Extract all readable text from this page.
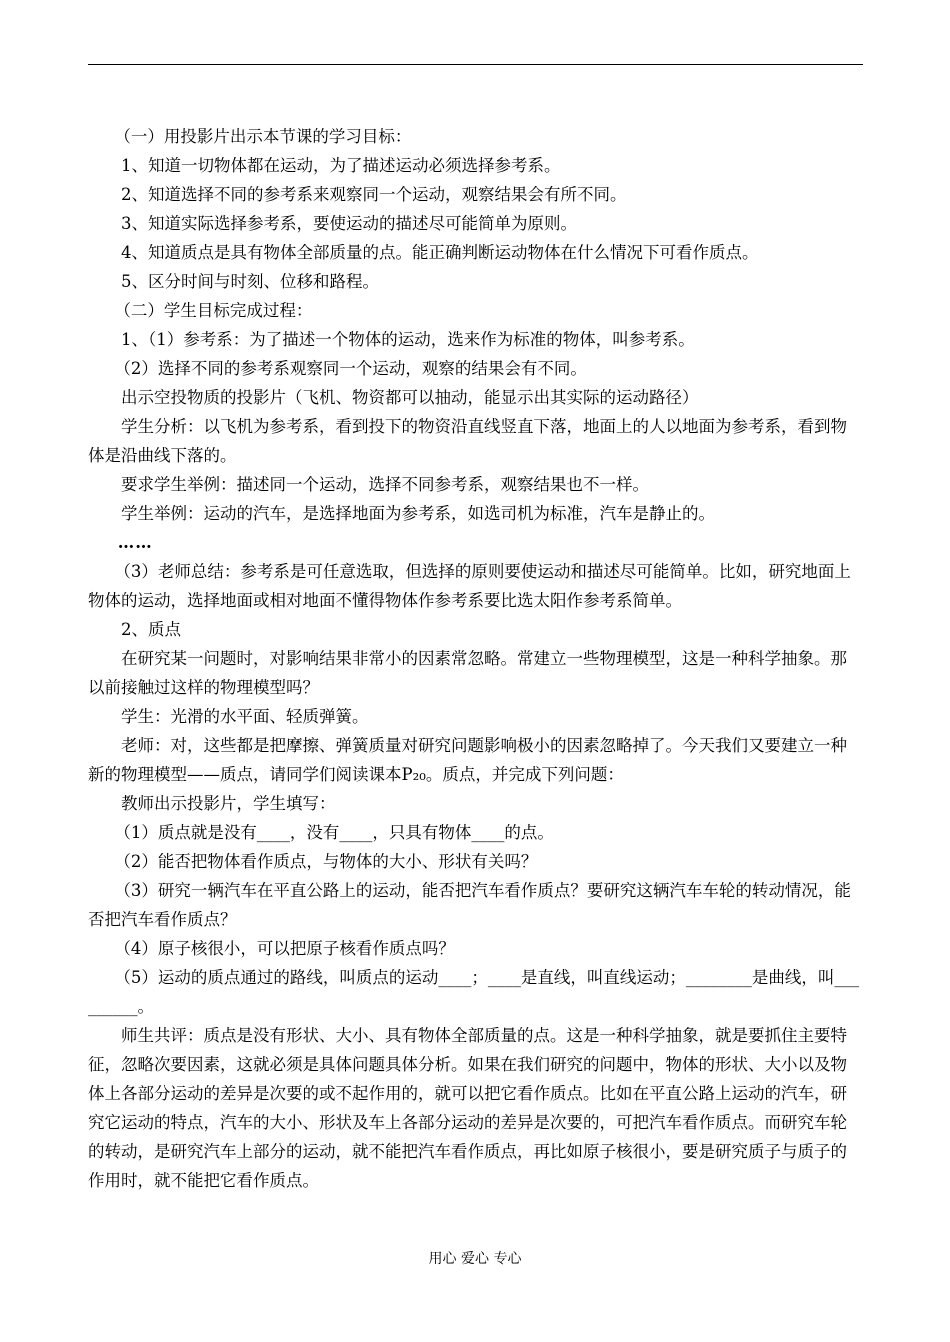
（一）用投影片出示本节课的学习目标：

1、知道一切物体都在运动，为了描述运动必须选择参考系。

2、知道选择不同的参考系来观察同一个运动，观察结果会有所不同。

3、知道实际选择参考系，要使运动的描述尽可能简单为原则。

4、知道质点是具有物体全部质量的点。能正确判断运动物体在什么情况下可看作质点。

5、区分时间与时刻、位移和路程。

（二）学生目标完成过程：

1、（1）参考系：为了描述一个物体的运动，选来作为标准的物体，叫参考系。

（2）选择不同的参考系观察同一个运动，观察的结果会有不同。

出示空投物质的投影片（飞机、物资都可以抽动，能显示出其实际的运动路径）

学生分析：以飞机为参考系，看到投下的物资沿直线竖直下落，地面上的人以地面为参考系，看到物体是沿曲线下落的。

要求学生举例：描述同一个运动，选择不同参考系，观察结果也不一样。

学生举例：运动的汽车，是选择地面为参考系，如选司机为标准，汽车是静止的。

……

（3）老师总结：参考系是可任意选取，但选择的原则要使运动和描述尽可能简单。比如，研究地面上物体的运动，选择地面或相对地面不懂得物体作参考系要比选太阳作参考系简单。

2、质点

在研究某一问题时，对影响结果非常小的因素常忽略。常建立一些物理模型，这是一种科学抽象。那以前接触过这样的物理模型吗？

学生：光滑的水平面、轻质弹簧。

老师：对，这些都是把摩擦、弹簧质量对研究问题影响极小的因素忽略掉了。今天我们又要建立一种新的物理模型——质点，请同学们阅读课本P₂₀。质点，并完成下列问题：

教师出示投影片，学生填写：

（1）质点就是没有____，没有____，只具有物体____的点。

（2）能否把物体看作质点，与物体的大小、形状有关吗？

（3）研究一辆汽车在平直公路上的运动，能否把汽车看作质点？要研究这辆汽车车轮的转动情况，能否把汽车看作质点？

（4）原子核很小，可以把原子核看作质点吗？

（5）运动的质点通过的路线，叫质点的运动____；____是直线，叫直线运动；________是曲线，叫_________。

师生共评：质点是没有形状、大小、具有物体全部质量的点。这是一种科学抽象，就是要抓住主要特征，忽略次要因素，这就必须是具体问题具体分析。如果在我们研究的问题中，物体的形状、大小以及物体上各部分运动的差异是次要的或不起作用的，就可以把它看作质点。比如在平直公路上运动的汽车，研究它运动的特点，汽车的大小、形状及车上各部分运动的差异是次要的，可把汽车看作质点。而研究车轮的转动，是研究汽车上部分的运动，就不能把汽车看作质点，再比如原子核很小，要是研究质子与质子的作用时，就不能把它看作质点。

用心 爱心 专心
